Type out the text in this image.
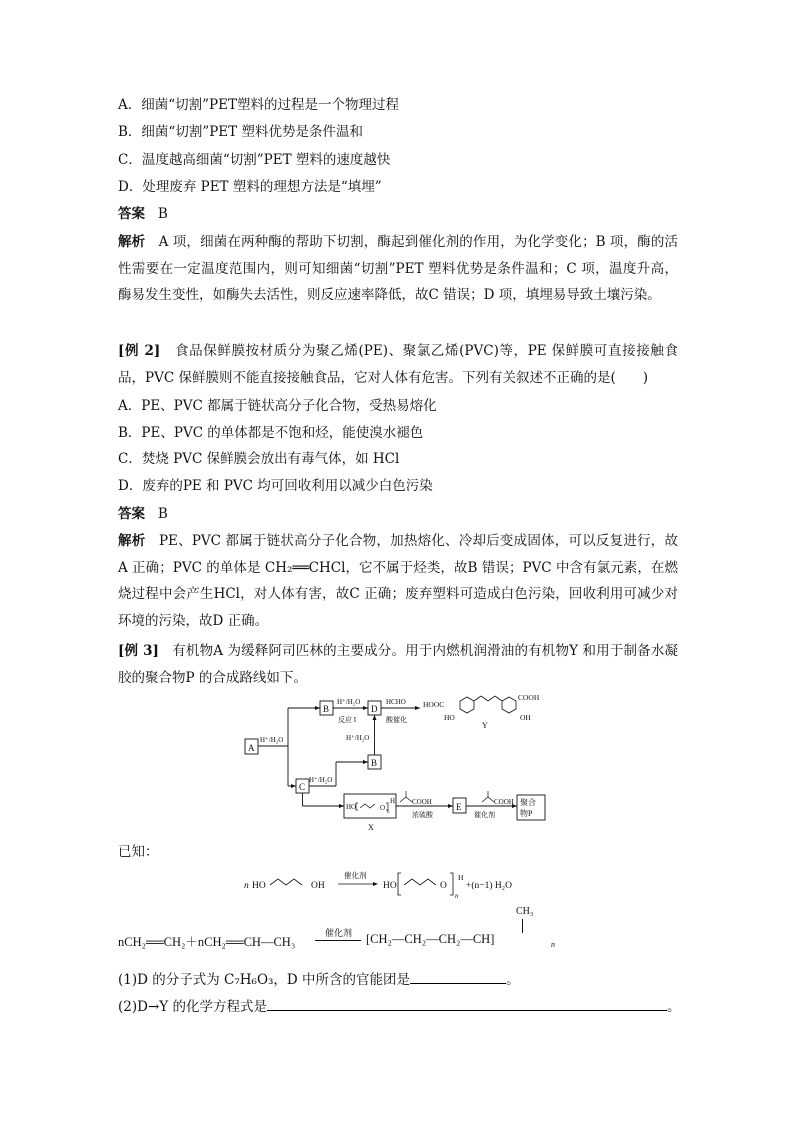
A．细菌“切割”PET塑料的过程是一个物理过程
B．细菌“切割”PET 塑料优势是条件温和
C．温度越高细菌“切割”PET 塑料的速度越快
D．处理废弃 PET 塑料的理想方法是“填埋”
答案 B
解析 A 项，细菌在两种酶的帮助下切割，酶起到催化剂的作用，为化学变化；B 项，酶的活性需要在一定温度范围内，则可知细菌“切割”PET 塑料优势是条件温和；C 项，温度升高，酶易发生变性，如酶失去活性，则反应速率降低，故C 错误；D 项，填埋易导致土壤污染。
[例 2] 食品保鲜膜按材质分为聚乙烯(PE)、聚氯乙烯(PVC)等，PE 保鲜膜可直接接触食品，PVC 保鲜膜则不能直接接触食品，它对人体有危害。下列有关叙述不正确的是(　　)
A．PE、PVC 都属于链状高分子化合物，受热易熔化
B．PE、PVC 的单体都是不饱和烃，能使溴水褪色
C．焚烧 PVC 保鲜膜会放出有毒气体，如 HCl
D．废弃的PE 和 PVC 均可回收利用以减少白色污染
答案 B
解析 PE、PVC 都属于链状高分子化合物，加热熔化、冷却后变成固体，可以反复进行，故A 正确；PVC 的单体是 CH₂══CHCl，它不属于烃类，故B 错误；PVC 中含有氯元素，在燃烧过程中会产生HCl，对人体有害，故C 正确；废弃塑料可造成白色污染，回收利用可减少对环境的污染，故D 正确。
[例 3] 有机物A 为缓释阿司匹林的主要成分。用于内燃机润滑油的有机物Y 和用于制备水凝胶的聚合物P 的合成路线如下。
A
H⁺/H₂O
B
H⁺/H₂O
反应 I
D
HCHO
酸催化
H⁺/H₂O
B
C
H⁺/H₂O
E	聚合
物P
浓硫酸	催化剂
X
HOOC
COOH
HO	OH
Y
HO	O
H
n
COOH	COOH
已知：
n HO	OH
催化剂
HO	O
H
n
+(n−1) H₂O
nCH₂══CH₂＋nCH₂══CH—CH₃
催化剂 [CH₂—CH₂—CH₂—CH]
CH₃
n
(1)D 的分子式为 C₇H₆O₃，D 中所含的官能团是	。
(2)D→Y 的化学方程式是	。
